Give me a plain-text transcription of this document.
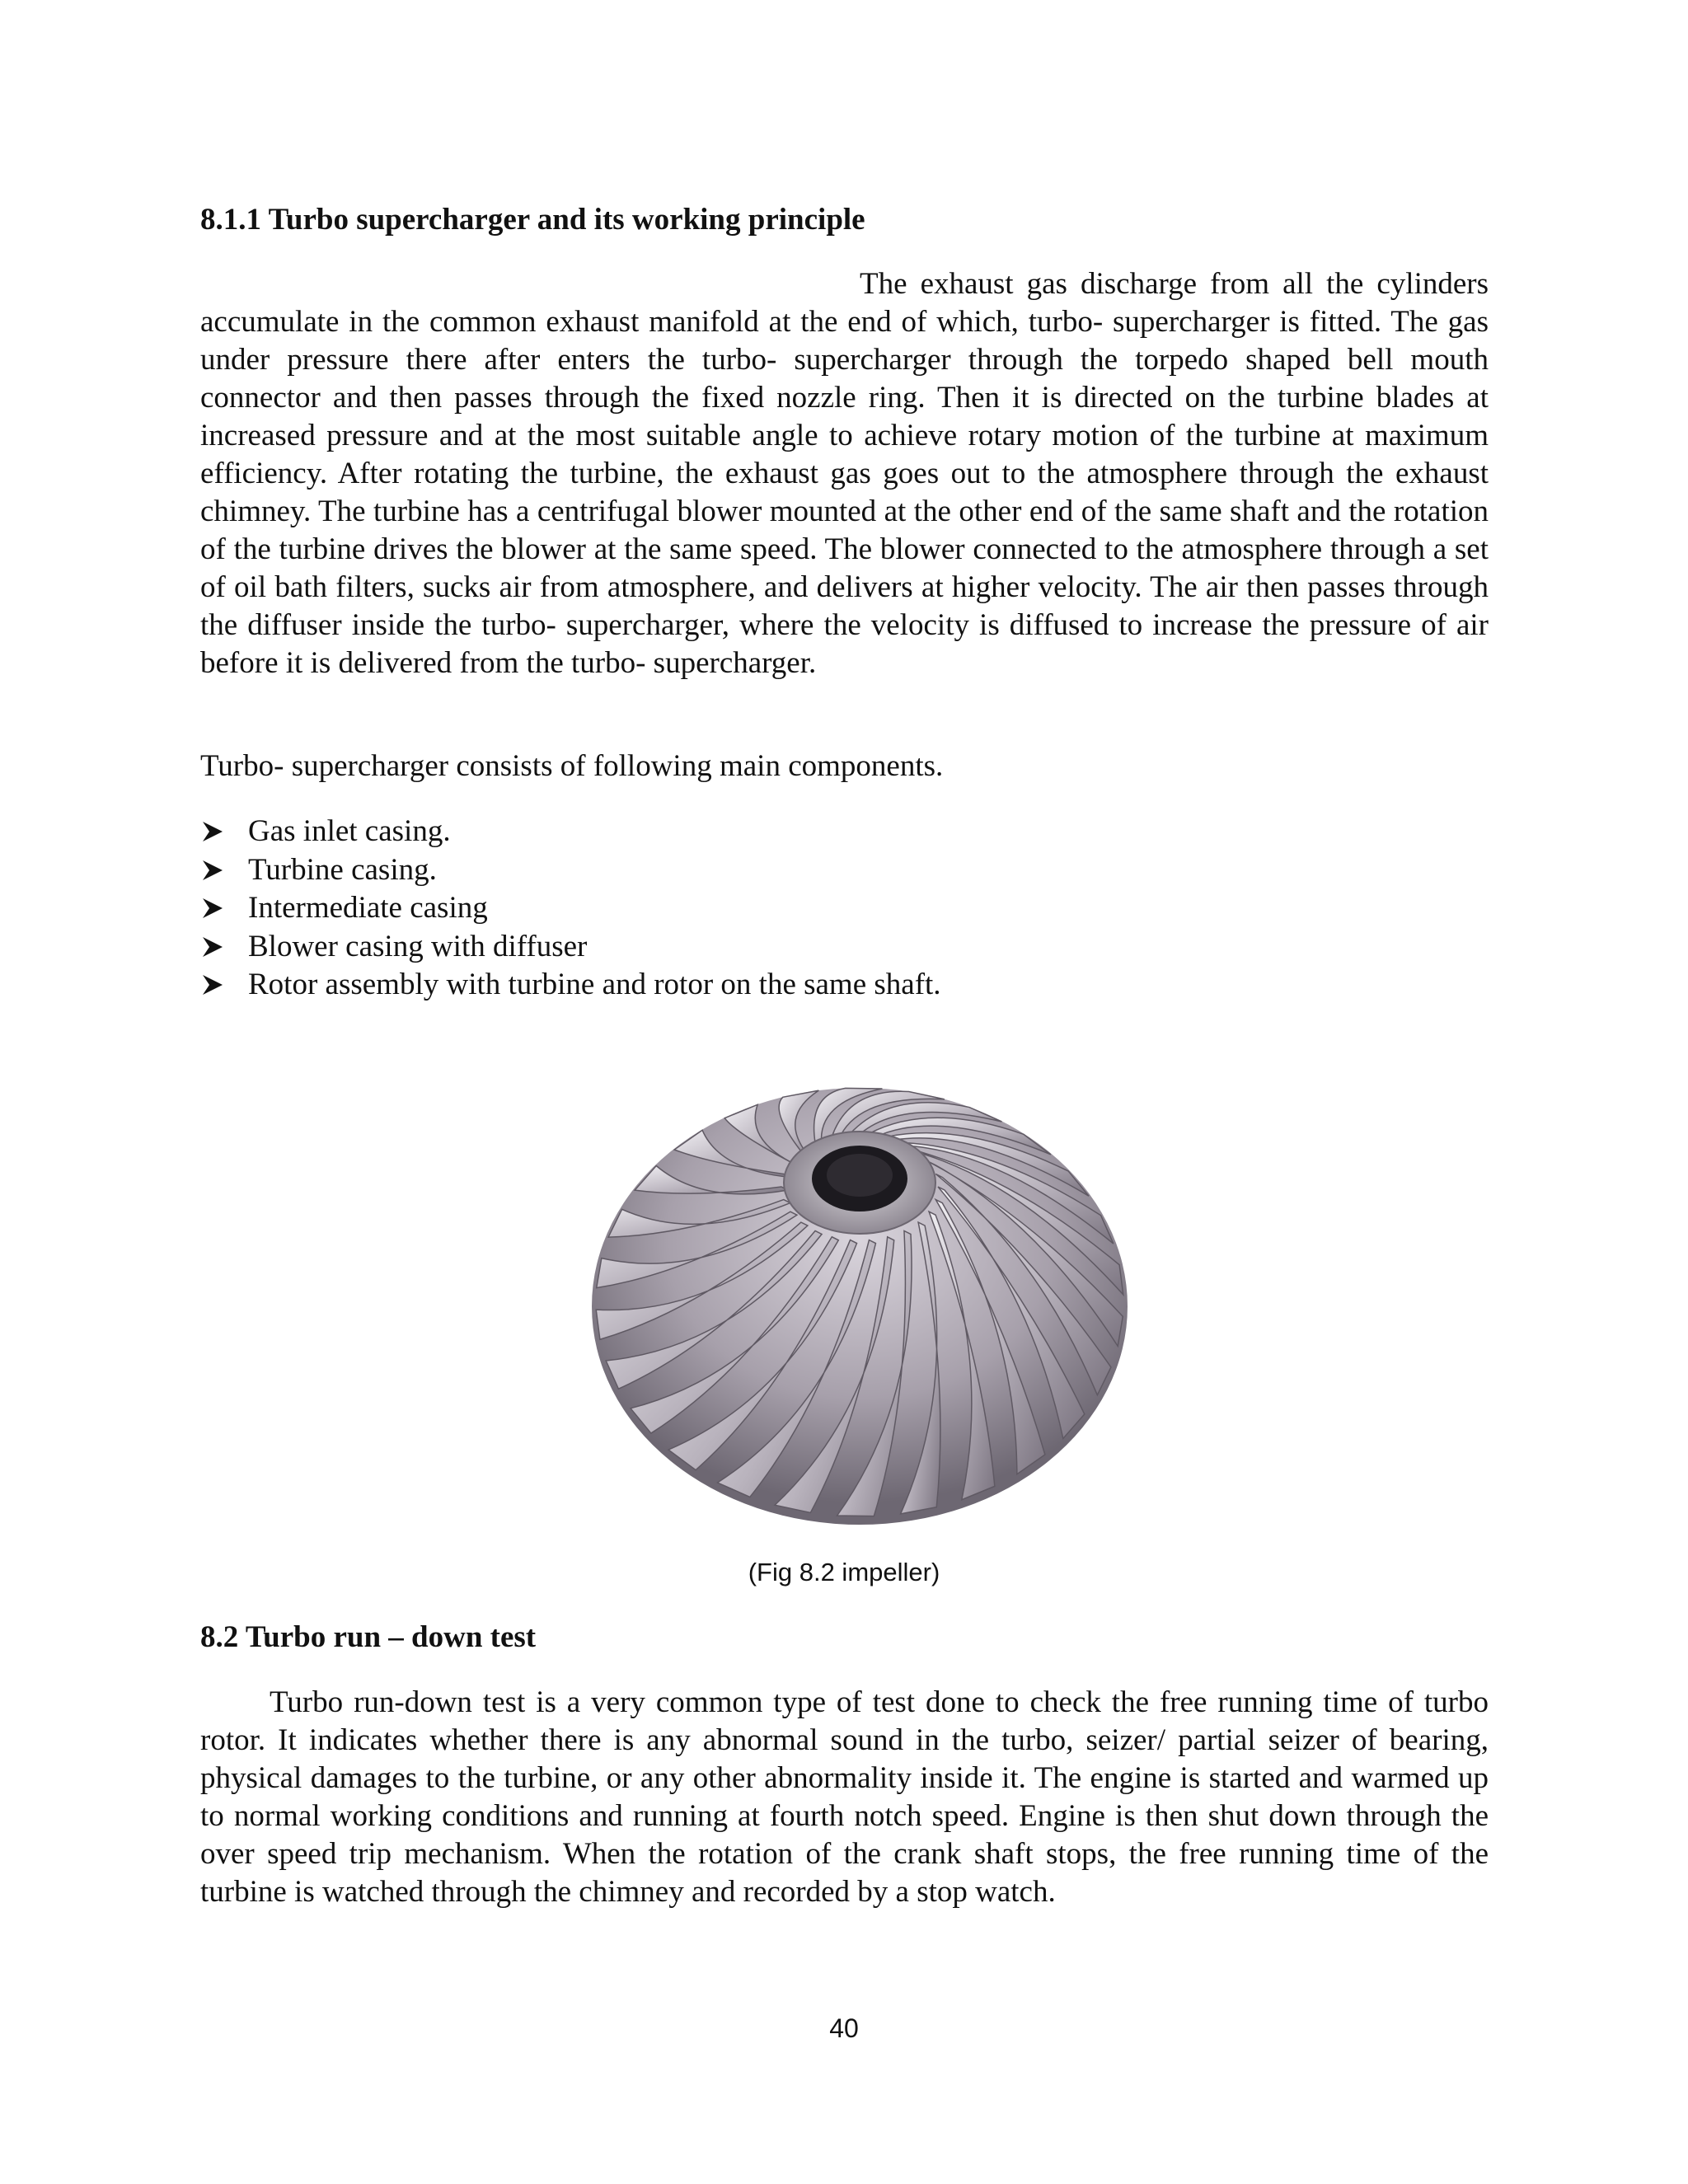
8.1.1 Turbo supercharger and its working principle

The exhaust gas discharge from all the cylinders accumulate in the common exhaust manifold at the end of which, turbo- supercharger is fitted. The gas under pressure there after enters the turbo- supercharger through the torpedo shaped bell mouth connector and then passes through the fixed nozzle ring. Then it is directed on the turbine blades at increased pressure and at the most suitable angle to achieve rotary motion of the turbine at maximum efficiency. After rotating the turbine, the exhaust gas goes out to the atmosphere through the exhaust chimney. The turbine has a centrifugal blower mounted at the other end of the same shaft and the rotation of the turbine drives the blower at the same speed. The blower connected to the atmosphere through a set of oil bath filters, sucks air from atmosphere, and delivers at higher velocity. The air then passes through the diffuser inside the turbo- supercharger, where the velocity is diffused to increase the pressure of air before it is delivered from the turbo- supercharger.

Turbo- supercharger consists of following main components.

Gas inlet casing.
Turbine casing.
Intermediate casing
Blower casing with diffuser
Rotor assembly with turbine and rotor on the same shaft.

(Fig 8.2 impeller)

8.2 Turbo run – down test

Turbo run-down test is a very common type of test done to check the free running time of turbo rotor. It indicates whether there is any abnormal sound in the turbo, seizer/ partial seizer of bearing, physical damages to the turbine, or any other abnormality inside it. The engine is started and warmed up to normal working conditions and running at fourth notch speed. Engine is then shut down through the over speed trip mechanism. When the rotation of the crank shaft stops, the free running time of the turbine is watched through the chimney and recorded by a stop watch.

40
